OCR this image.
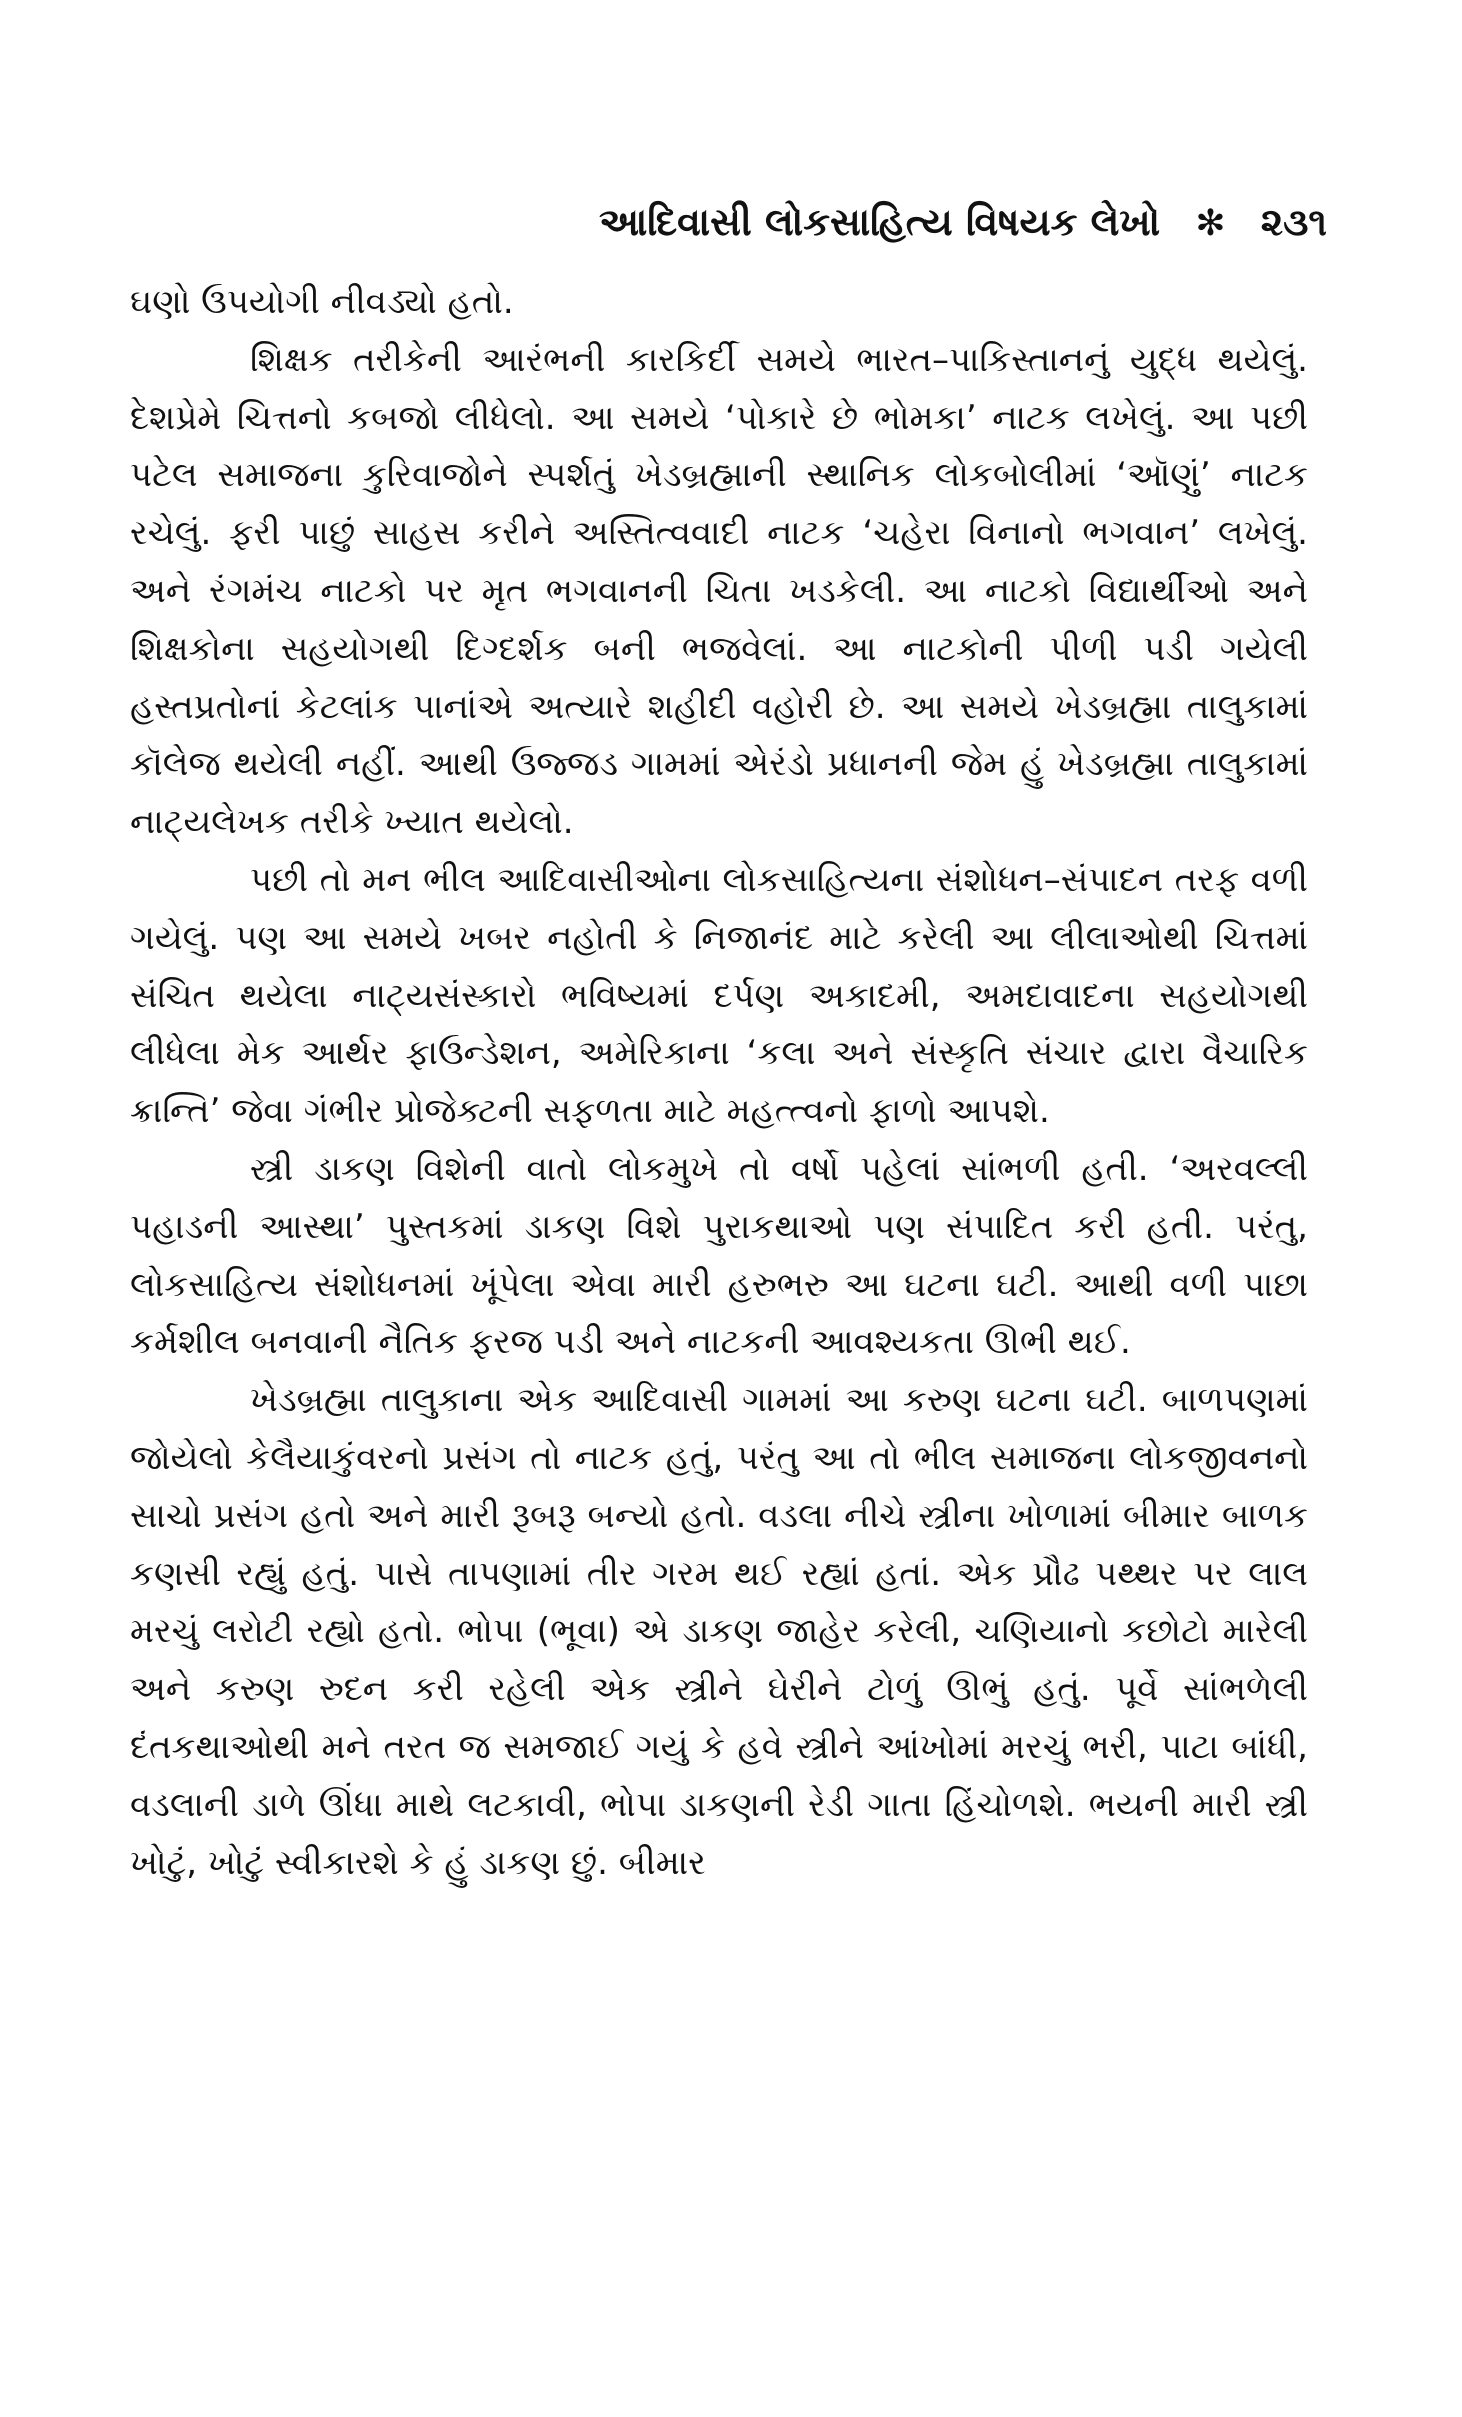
આદિવાસી લોકસાહિત્ય વિષયક લેખો ✻ ૨૩૧

ઘણો ઉપયોગી નીવડ્યો હતો.

શિક્ષક તરીકેની આરંભની કારકિર્દી સમયે ભારત–પાકિસ્તાનનું યુદ્ધ થયેલું. દેશપ્રેમે ચિત્તનો કબજો લીધેલો. આ સમયે ‘પોકારે છે ભોમકા’ નાટક લખેલું. આ પછી પટેલ સમાજના કુરિવાજોને સ્પર્શતું ખેડબ્રહ્માની સ્થાનિક લોકબોલીમાં ‘ઑણું’ નાટક રચેલું. ફરી પાછું સાહસ કરીને અસ્તિત્વવાદી નાટક ‘ચહેરા વિનાનો ભગવાન’ લખેલું. અને રંગમંચ નાટકો પર મૃત ભગવાનની ચિતા ખડકેલી. આ નાટકો વિદ્યાર્થીઓ અને શિક્ષકોના સહયોગથી દિગ્દર્શક બની ભજવેલાં. આ નાટકોની પીળી પડી ગયેલી હસ્તપ્રતોનાં કેટલાંક પાનાંએ અત્યારે શહીદી વહોરી છે. આ સમયે ખેડબ્રહ્મા તાલુકામાં કૉલેજ થયેલી નહીં. આથી ઉજ્જડ ગામમાં એરંડો પ્રધાનની જેમ હું ખેડબ્રહ્મા તાલુકામાં નાટ્યલેખક તરીકે ખ્યાત થયેલો.

પછી તો મન ભીલ આદિવાસીઓના લોકસાહિત્યના સંશોધન–સંપાદન તરફ વળી ગયેલું. પણ આ સમયે ખબર નહોતી કે નિજાનંદ માટે કરેલી આ લીલાઓથી ચિત્તમાં સંચિત થયેલા નાટ્યસંસ્કારો ભવિષ્યમાં દર્પણ અકાદમી, અમદાવાદના સહયોગથી લીધેલા મેક આર્થર ફાઉન્ડેશન, અમેરિકાના ‘કલા અને સંસ્કૃતિ સંચાર દ્વારા વૈચારિક ક્રાન્તિ’ જેવા ગંભીર પ્રોજેક્ટની સફળતા માટે મહત્ત્વનો ફાળો આપશે.

સ્ત્રી ડાકણ વિશેની વાતો લોકમુખે તો વર્ષો પહેલાં સાંભળી હતી. ‘અરવલ્લી પહાડની આસ્થા’ પુસ્તકમાં ડાકણ વિશે પુરાકથાઓ પણ સંપાદિત કરી હતી. પરંતુ, લોકસાહિત્ય સંશોધનમાં ખૂંપેલા એવા મારી હરુભરુ આ ઘટના ઘટી. આથી વળી પાછા કર્મશીલ બનવાની નૈતિક ફરજ પડી અને નાટકની આવશ્યકતા ઊભી થઈ.

ખેડબ્રહ્મા તાલુકાના એક આદિવાસી ગામમાં આ કરુણ ઘટના ઘટી. બાળપણમાં જોયેલો કેલૈયાકુંવરનો પ્રસંગ તો નાટક હતું, પરંતુ આ તો ભીલ સમાજના લોકજીવનનો સાચો પ્રસંગ હતો અને મારી રૂબરૂ બન્યો હતો. વડલા નીચે સ્ત્રીના ખોળામાં બીમાર બાળક કણસી રહ્યું હતું. પાસે તાપણામાં તીર ગરમ થઈ રહ્યાં હતાં. એક પ્રૌઢ પથ્થર પર લાલ મરચું લરોટી રહ્યો હતો. ભોપા (ભૂવા) એ ડાકણ જાહેર કરેલી, ચણિયાનો કછોટો મારેલી અને કરુણ રુદન કરી રહેલી એક સ્ત્રીને ઘેરીને ટોળું ઊભું હતું. પૂર્વે સાંભળેલી દંતકથાઓથી મને તરત જ સમજાઈ ગયું કે હવે સ્ત્રીને આંખોમાં મરચું ભરી, પાટા બાંધી, વડલાની ડાળે ઊંધા માથે લટકાવી, ભોપા ડાકણની રેડી ગાતા હિંચોળશે. ભયની મારી સ્ત્રી ખોટું, ખોટું સ્વીકારશે કે હું ડાકણ છું. બીમાર
